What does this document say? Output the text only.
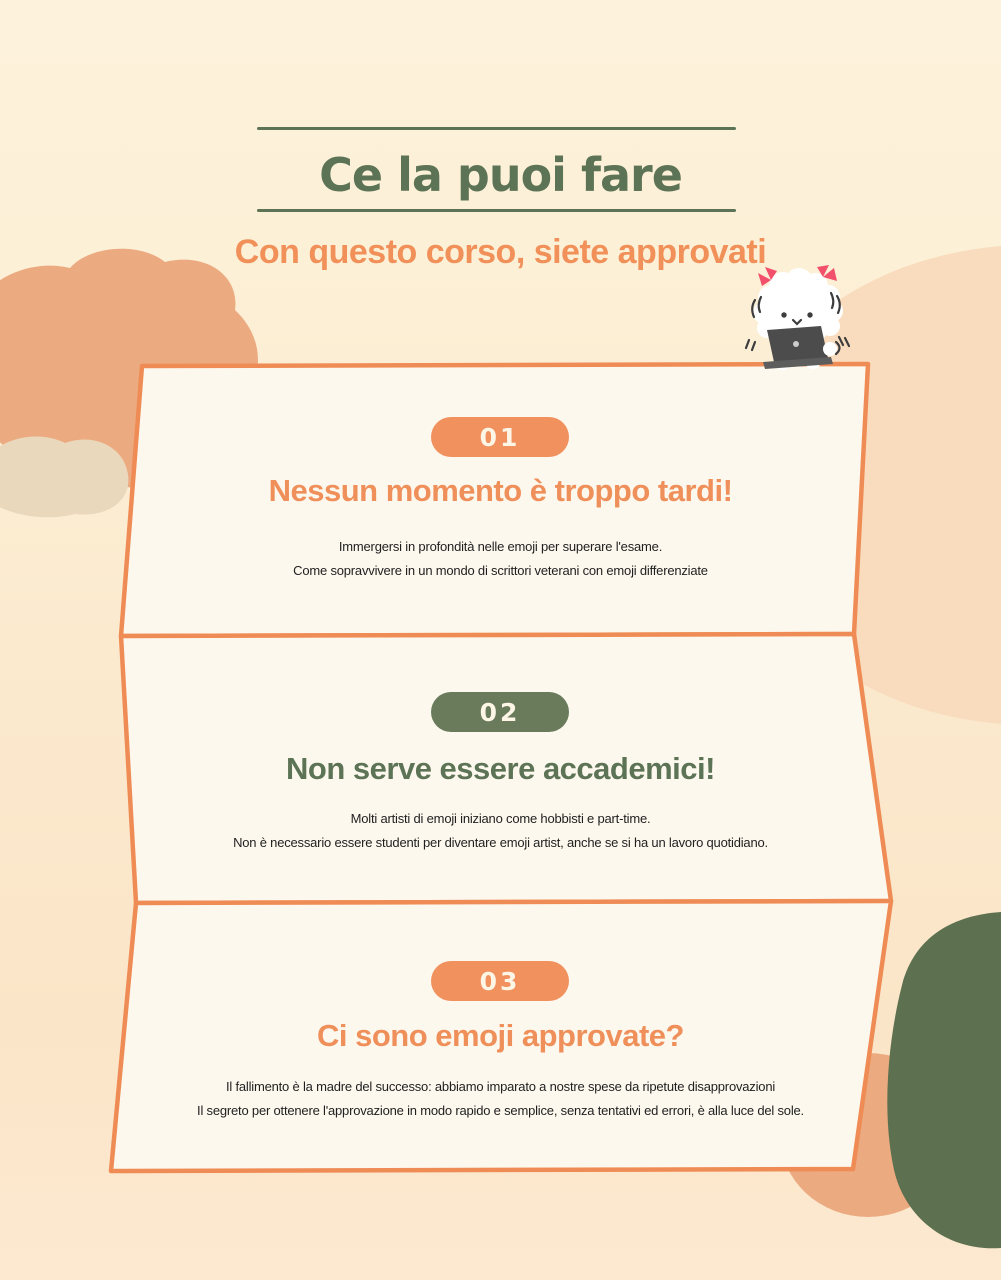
Ce la puoi fare
Con questo corso, siete approvati
01
Nessun momento è troppo tardi!
Immergersi in profondità nelle emoji per superare l'esame.
Come sopravvivere in un mondo di scrittori veterani con emoji differenziate
02
Non serve essere accademici!
Molti artisti di emoji iniziano come hobbisti e part-time.
Non è necessario essere studenti per diventare emoji artist, anche se si ha un lavoro quotidiano.
03
Ci sono emoji approvate?
Il fallimento è la madre del successo: abbiamo imparato a nostre spese da ripetute disapprovazioni
Il segreto per ottenere l'approvazione in modo rapido e semplice, senza tentativi ed errori, è alla luce del sole.
